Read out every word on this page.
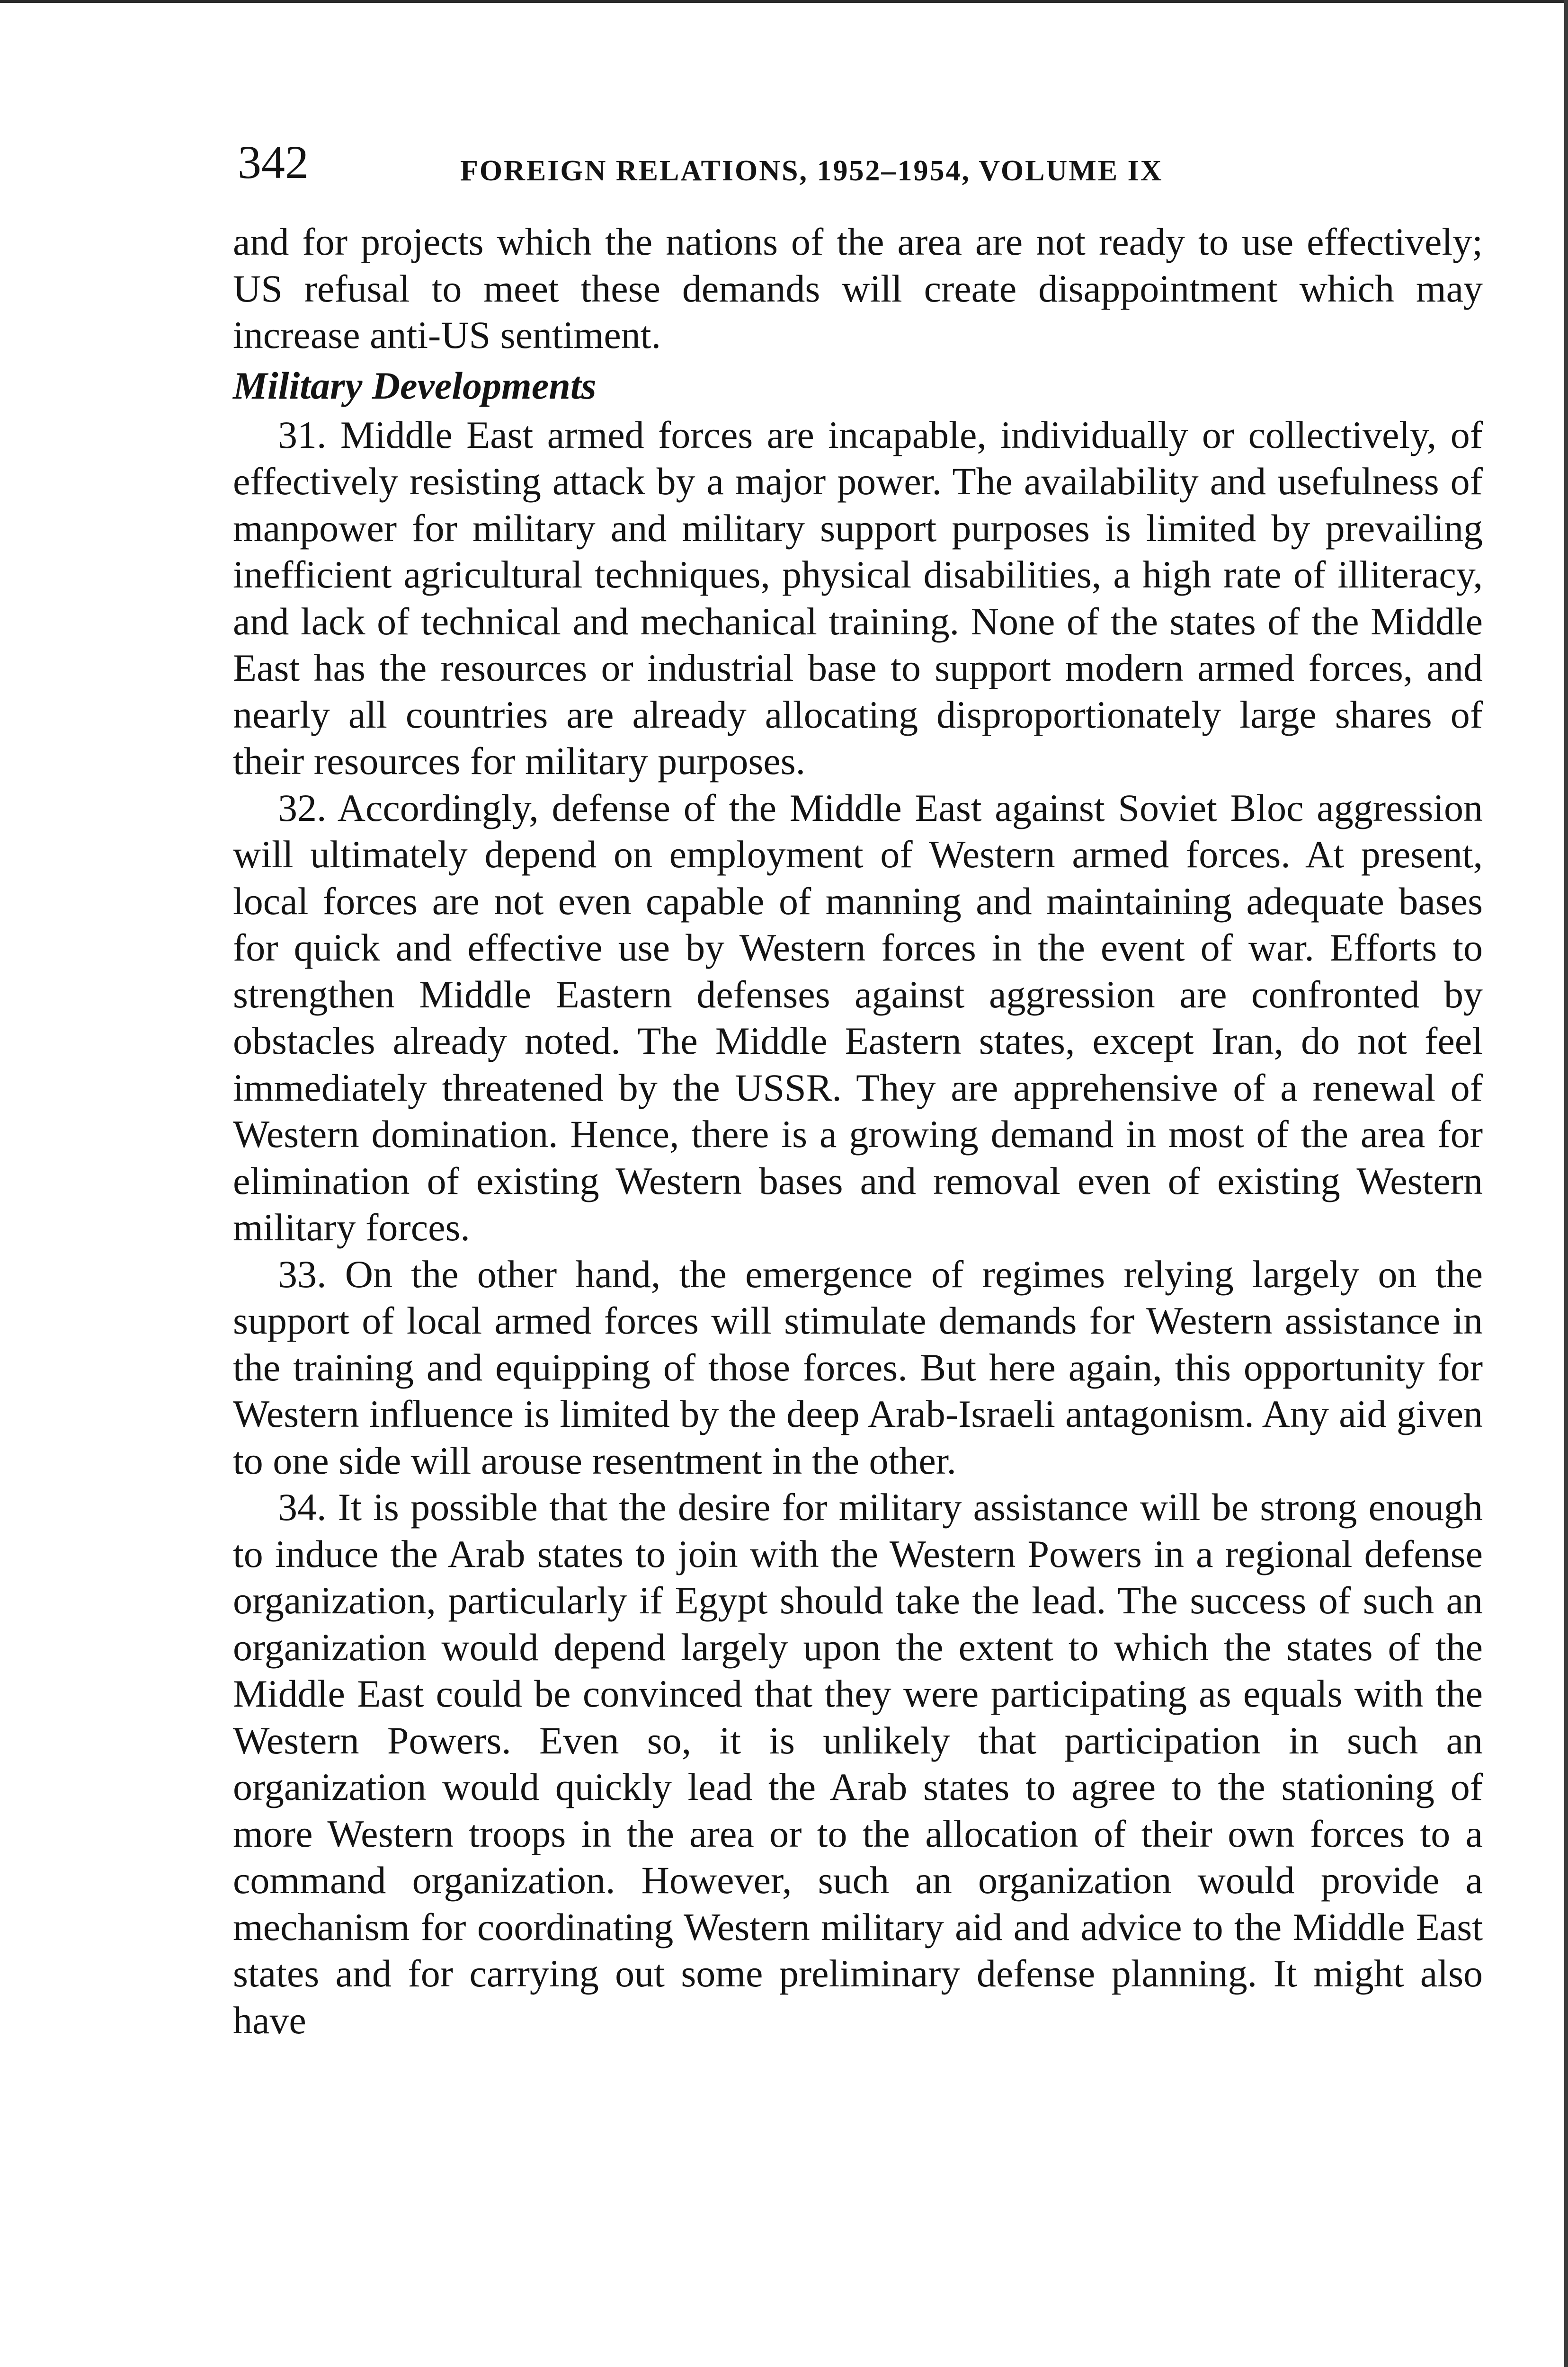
342	FOREIGN RELATIONS, 1952–1954, VOLUME IX

and for projects which the nations of the area are not ready to use effectively; US refusal to meet these demands will create disappointment which may increase anti-US sentiment.

Military Developments

31. Middle East armed forces are incapable, individually or collectively, of effectively resisting attack by a major power. The availability and usefulness of manpower for military and military support purposes is limited by prevailing inefficient agricultural techniques, physical disabilities, a high rate of illiteracy, and lack of technical and mechanical training. None of the states of the Middle East has the resources or industrial base to support modern armed forces, and nearly all countries are already allocating disproportionately large shares of their resources for military purposes.

32. Accordingly, defense of the Middle East against Soviet Bloc aggression will ultimately depend on employment of Western armed forces. At present, local forces are not even capable of manning and maintaining adequate bases for quick and effective use by Western forces in the event of war. Efforts to strengthen Middle Eastern defenses against aggression are confronted by obstacles already noted. The Middle Eastern states, except Iran, do not feel immediately threatened by the USSR. They are apprehensive of a renewal of Western domination. Hence, there is a growing demand in most of the area for elimination of existing Western bases and removal even of existing Western military forces.

33. On the other hand, the emergence of regimes relying largely on the support of local armed forces will stimulate demands for Western assistance in the training and equipping of those forces. But here again, this opportunity for Western influence is limited by the deep Arab-Israeli antagonism. Any aid given to one side will arouse resentment in the other.

34. It is possible that the desire for military assistance will be strong enough to induce the Arab states to join with the Western Powers in a regional defense organization, particularly if Egypt should take the lead. The success of such an organization would depend largely upon the extent to which the states of the Middle East could be convinced that they were participating as equals with the Western Powers. Even so, it is unlikely that participation in such an organization would quickly lead the Arab states to agree to the stationing of more Western troops in the area or to the allocation of their own forces to a command organization. However, such an organization would provide a mechanism for coordinating Western military aid and advice to the Middle East states and for carrying out some preliminary defense planning. It might also have
